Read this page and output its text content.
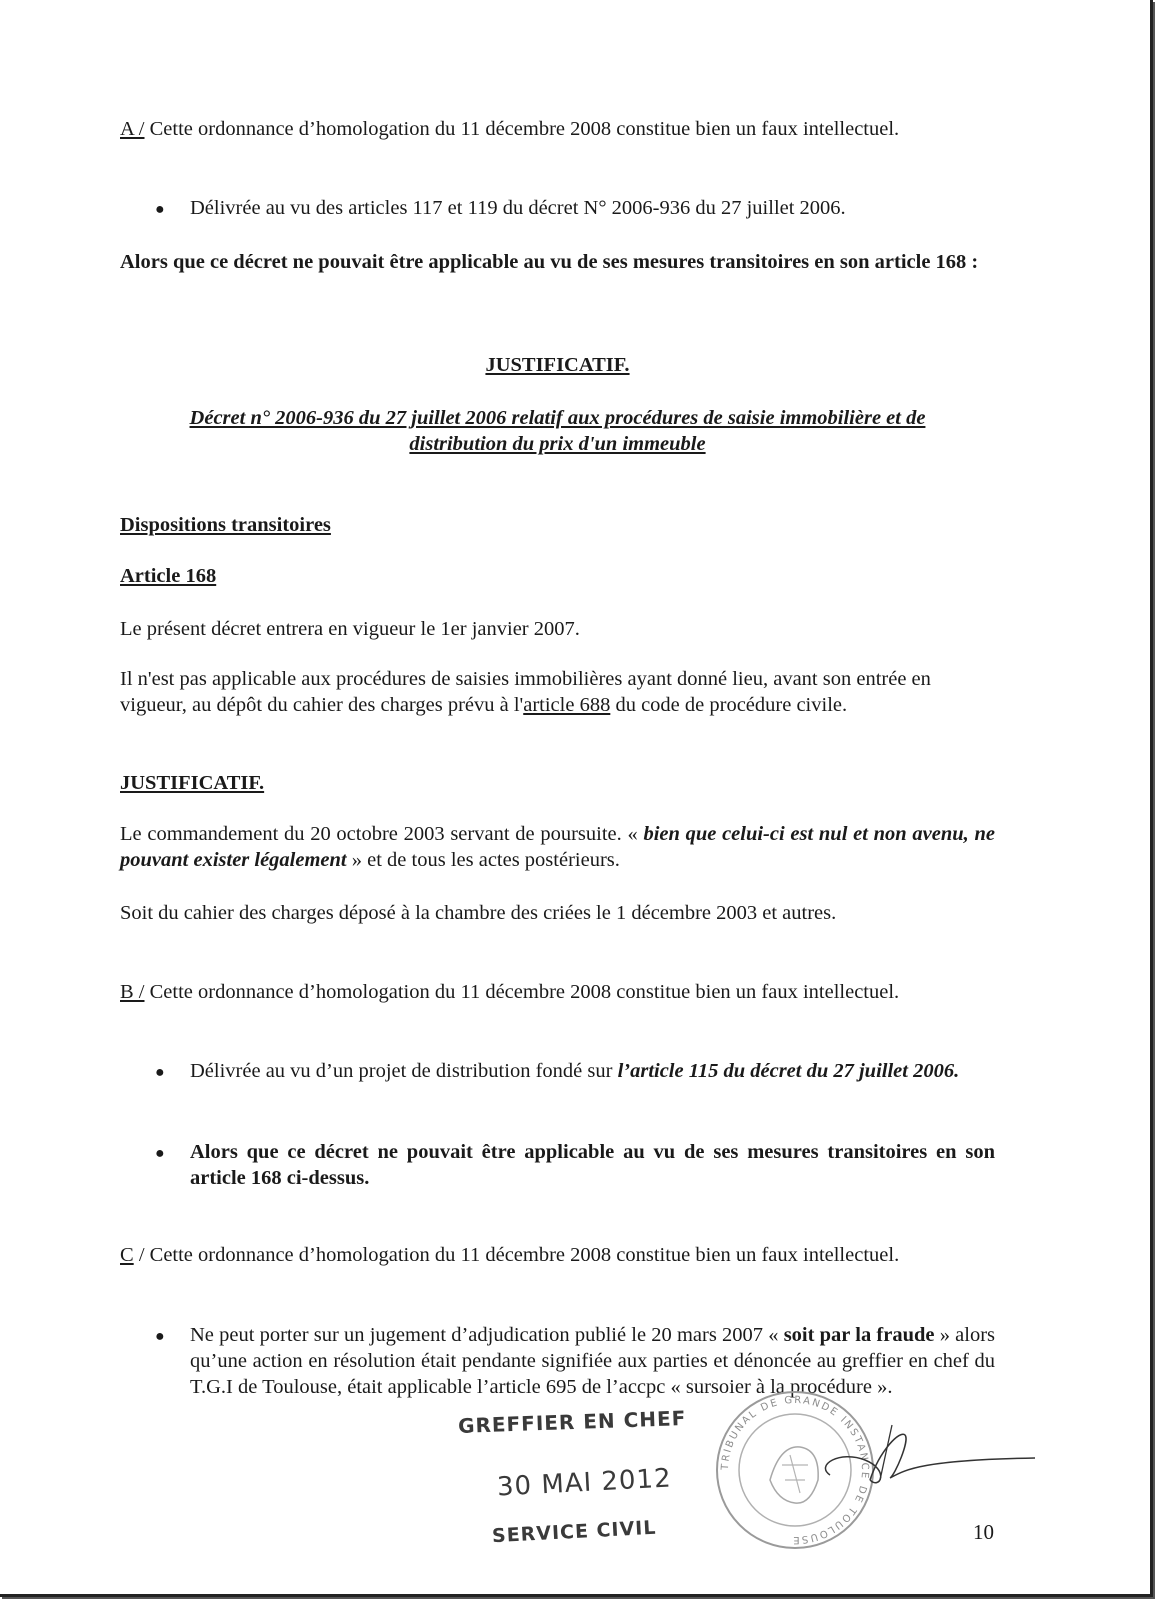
A / Cette ordonnance d’homologation du 11 décembre 2008 constitue bien un faux intellectuel.

● Délivrée au vu des articles 117 et 119 du décret N° 2006-936 du 27 juillet 2006.

Alors que ce décret ne pouvait être applicable au vu de ses mesures transitoires en son article 168 :

JUSTIFICATIF.

Décret n° 2006-936 du 27 juillet 2006 relatif aux procédures de saisie immobilière et de

distribution du prix d'un immeuble

Dispositions transitoires

Article 168

Le présent décret entrera en vigueur le 1er janvier 2007.

Il n'est pas applicable aux procédures de saisies immobilières ayant donné lieu, avant son entrée en vigueur, au dépôt du cahier des charges prévu à l'article 688 du code de procédure civile.

JUSTIFICATIF.

Le commandement du 20 octobre 2003 servant de poursuite. « bien que celui-ci est nul et non avenu, ne pouvant exister légalement » et de tous les actes postérieurs.

Soit du cahier des charges déposé à la chambre des criées le 1 décembre 2003 et autres.

B / Cette ordonnance d’homologation du 11 décembre 2008 constitue bien un faux intellectuel.

● Délivrée au vu d’un projet de distribution fondé sur l’article 115 du décret du 27 juillet 2006.

● Alors que ce décret ne pouvait être applicable au vu de ses mesures transitoires en son article 168 ci-dessus.

C / Cette ordonnance d’homologation du 11 décembre 2008 constitue bien un faux intellectuel.

● Ne peut porter sur un jugement d’adjudication publié le 20 mars 2007 « soit par la fraude » alors qu’une action en résolution était pendante signifiée aux parties et dénoncée au greffier en chef du T.G.I de Toulouse, était applicable l’article 695 de l’accpc « sursoier à la procédure ».

GREFFIER EN CHEF
30 MAI 2012
SERVICE CIVIL
TRIBUNAL DE GRANDE INSTANCE DE TOULOUSE	10
